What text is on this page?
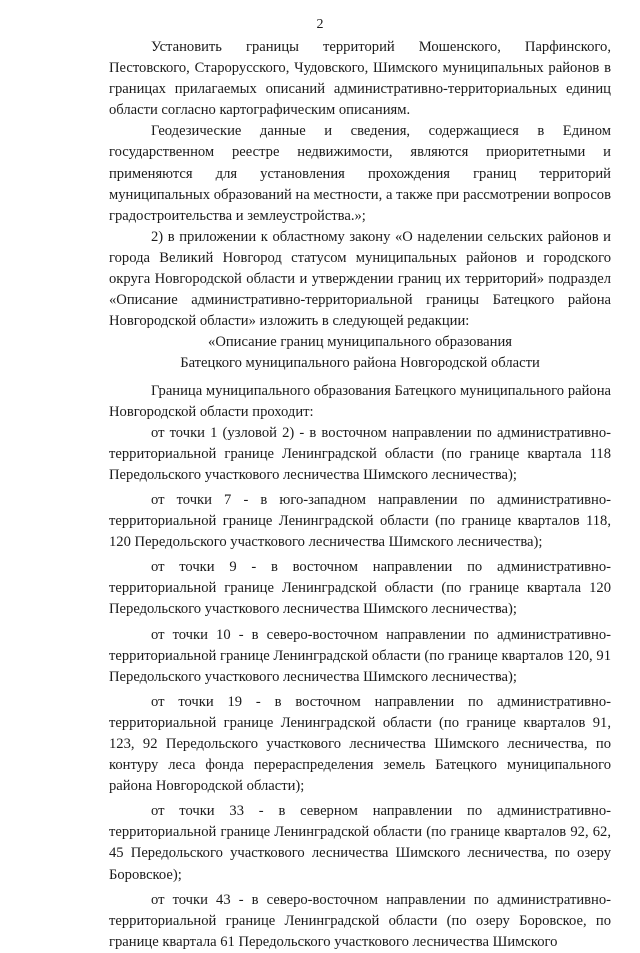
2

Установить границы территорий Мошенского, Парфинского, Пестовского, Старорусского, Чудовского, Шимского муниципальных районов в границах прилагаемых описаний административно-территориальных единиц области согласно картографическим описаниям.

Геодезические данные и сведения, содержащиеся в Едином государственном реестре недвижимости, являются приоритетными и применяются для установления прохождения границ территорий муниципальных образований на местности, а также при рассмотрении вопросов градостроительства и землеустройства.»;

2) в приложении к областному закону «О наделении сельских районов и города Великий Новгород статусом муниципальных районов и городского округа Новгородской области и утверждении границ их территорий» подраздел «Описание административно-территориальной границы Батецкого района Новгородской области» изложить в следующей редакции:

«Описание границ муниципального образования

Батецкого муниципального района Новгородской области

Граница муниципального образования Батецкого муниципального района Новгородской области проходит:

от точки 1 (узловой 2) - в восточном направлении по административно-территориальной границе Ленинградской области (по границе квартала 118 Передольского участкового лесничества Шимского лесничества);

от точки 7 - в юго-западном направлении по административно-территориальной границе Ленинградской области (по границе кварталов 118, 120 Передольского участкового лесничества Шимского лесничества);

от точки 9 - в восточном направлении по административно-территориальной границе Ленинградской области (по границе квартала 120 Передольского участкового лесничества Шимского лесничества);

от точки 10 - в северо-восточном направлении по административно-территориальной границе Ленинградской области (по границе кварталов 120, 91 Передольского участкового лесничества Шимского лесничества);

от точки 19 - в восточном направлении по административно-территориальной границе Ленинградской области (по границе кварталов 91, 123, 92 Передольского участкового лесничества Шимского лесничества, по контуру леса фонда перераспределения земель Батецкого муниципального района Новгородской области);

от точки 33 - в северном направлении по административно-территориальной границе Ленинградской области (по границе кварталов 92, 62, 45 Передольского участкового лесничества Шимского лесничества, по озеру Боровское);

от точки 43 - в северо-восточном направлении по административно-территориальной границе Ленинградской области (по озеру Боровское, по границе квартала 61 Передольского участкового лесничества Шимского
